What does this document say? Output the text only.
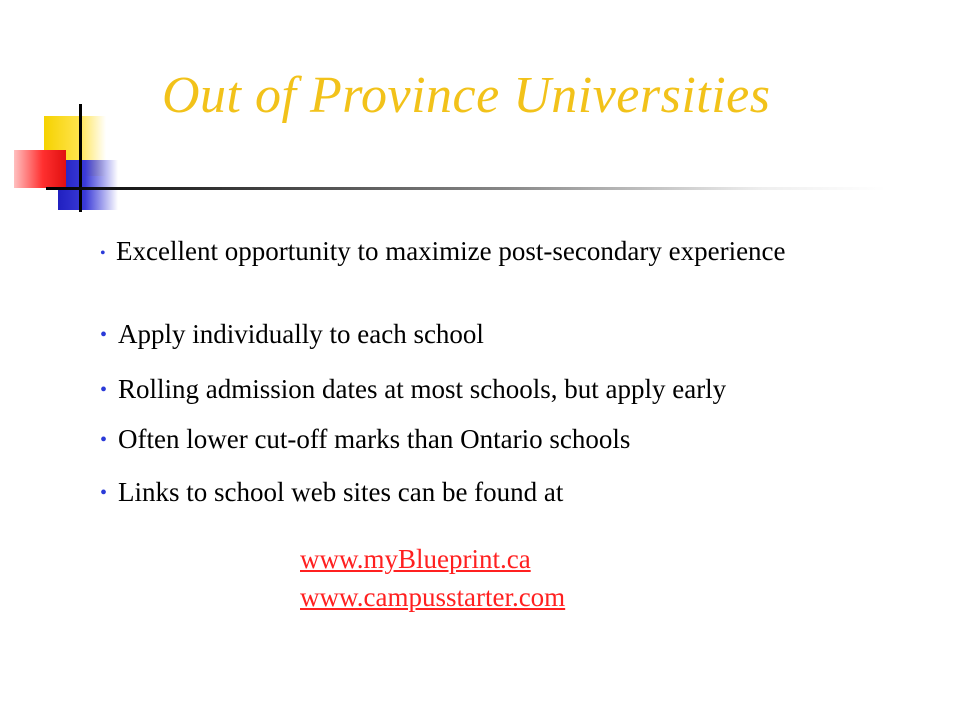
Out of Province Universities

• Excellent opportunity to maximize post-secondary experience

• Apply individually to each school

• Rolling admission dates at most schools, but apply early

• Often lower cut-off marks than Ontario schools

• Links to school web sites can be found at

www.myBlueprint.ca
www.campusstarter.com
